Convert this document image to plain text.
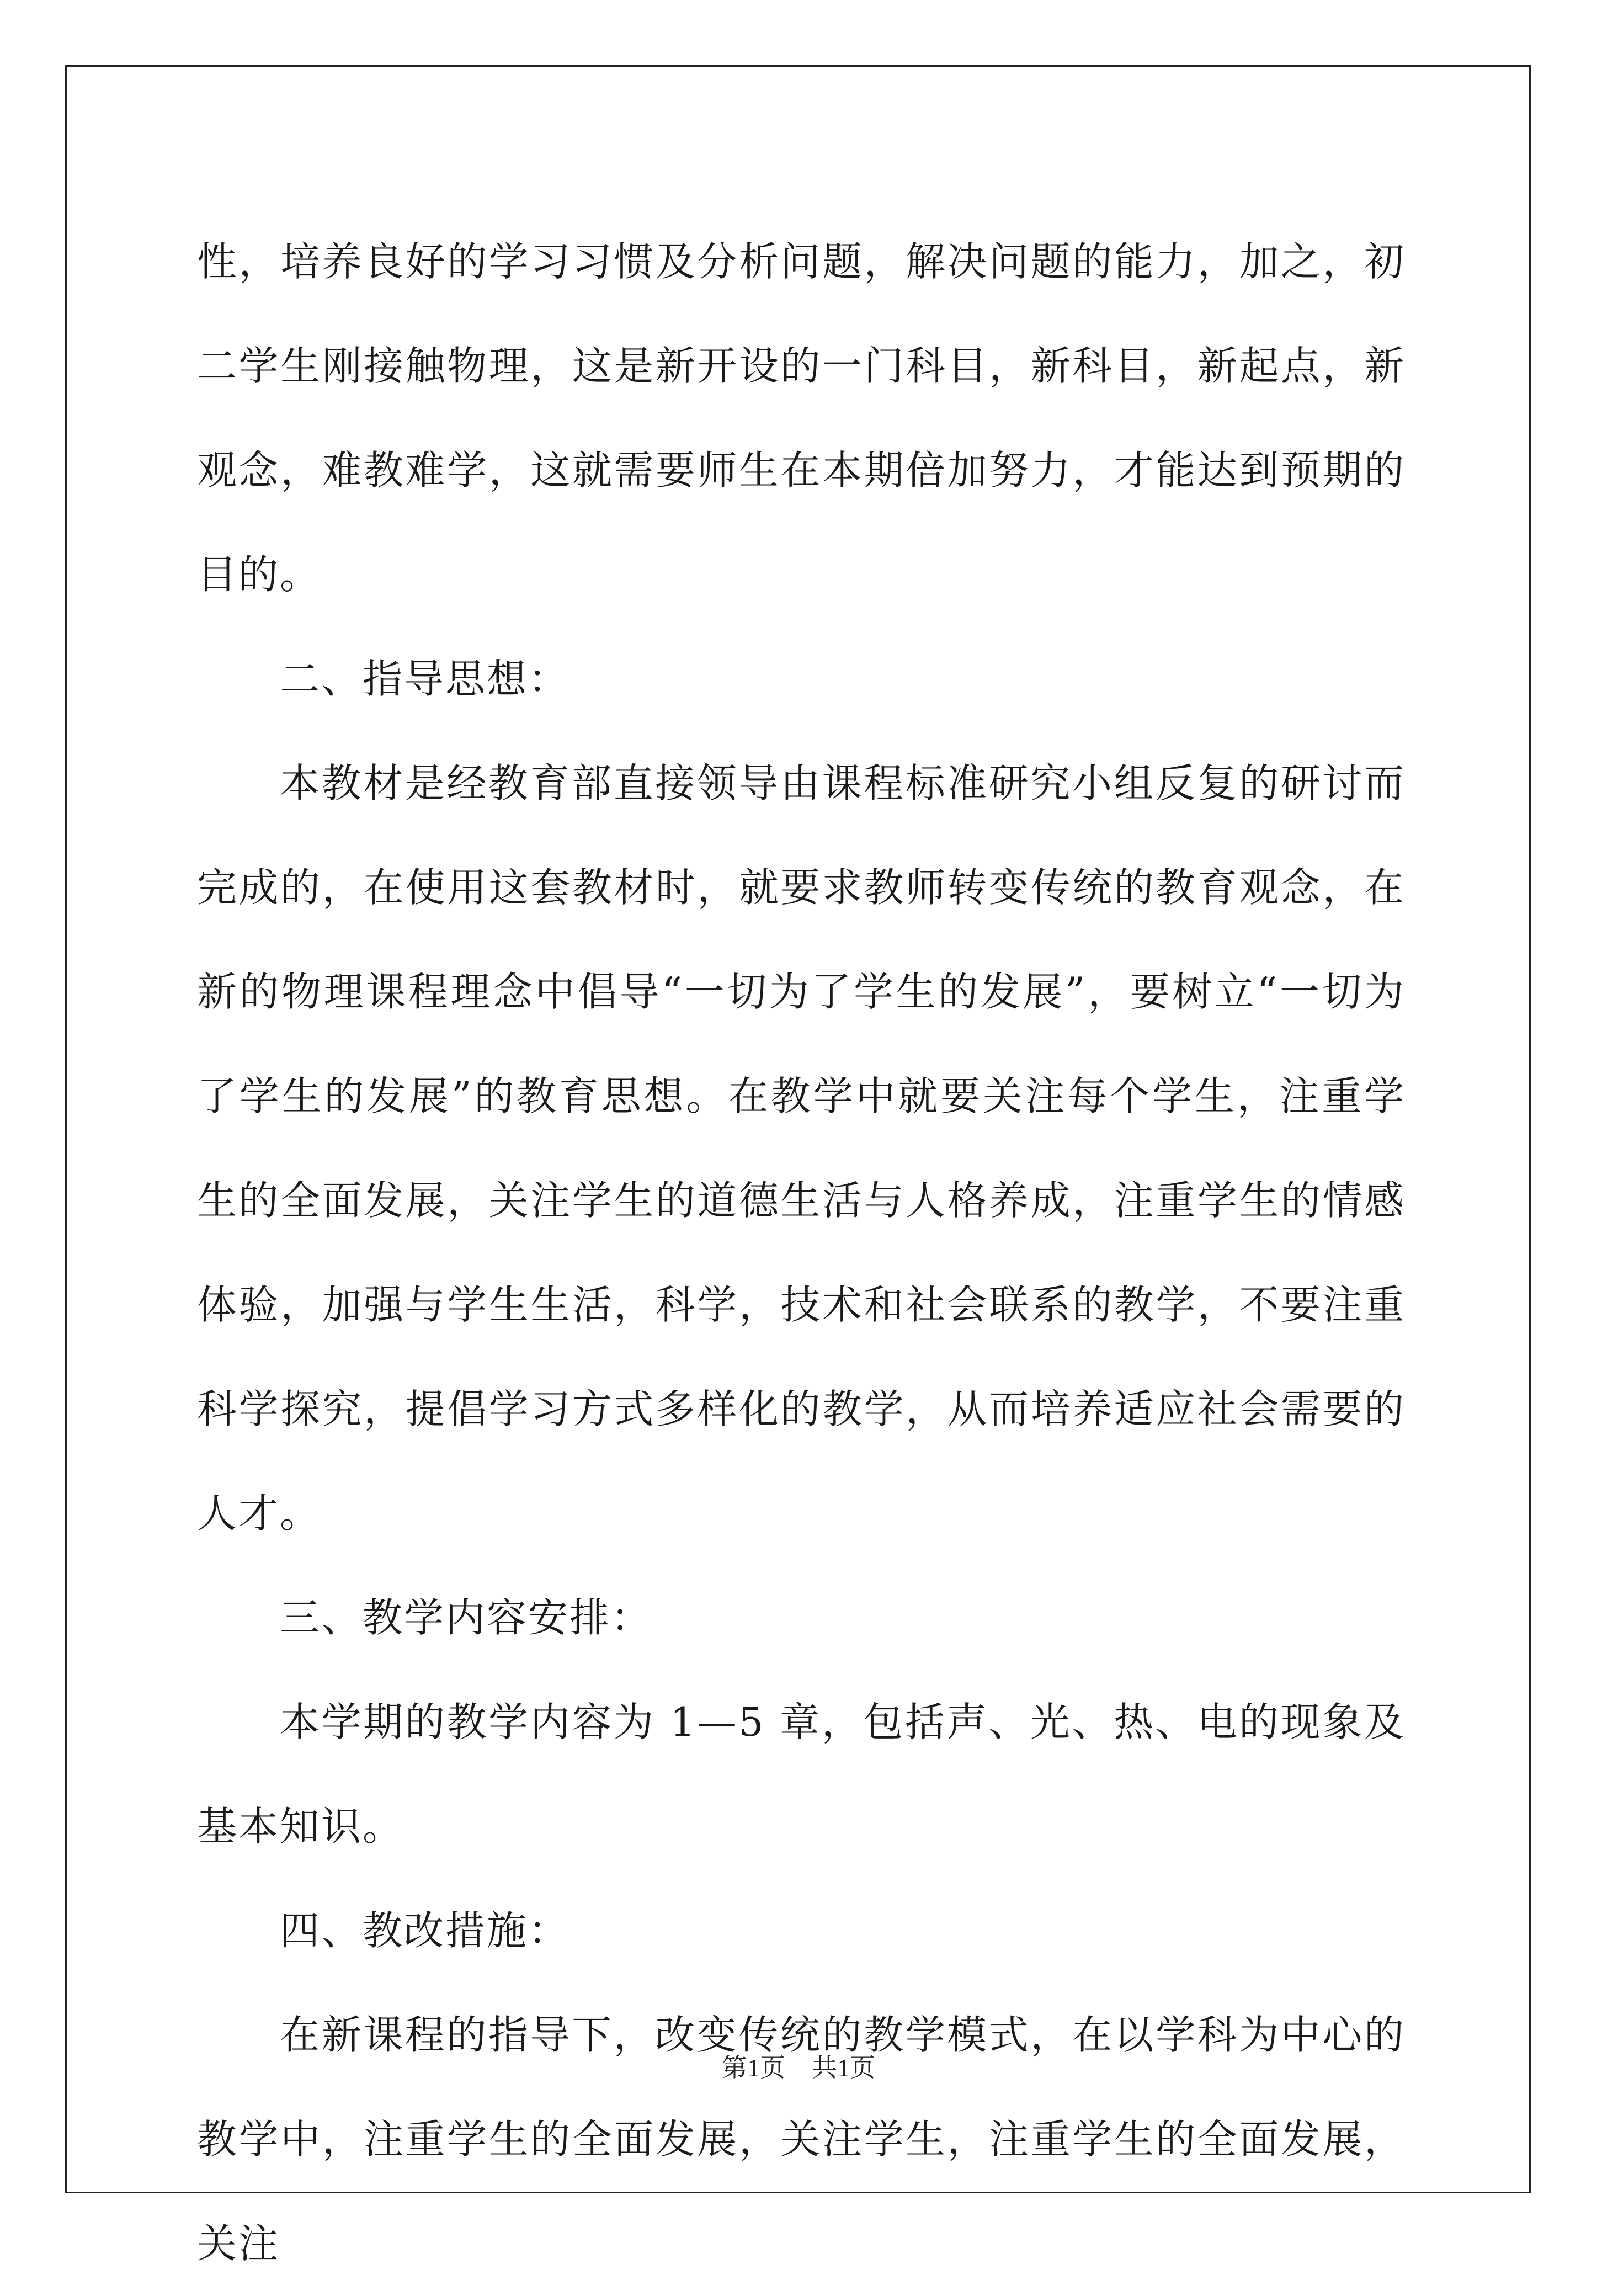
性，培养良好的学习习惯及分析问题，解决问题的能力，加之，初二学生刚接触物理，这是新开设的一门科目，新科目，新起点，新观念，难教难学，这就需要师生在本期倍加努力，才能达到预期的目的。

二、指导思想：

本教材是经教育部直接领导由课程标准研究小组反复的研讨而完成的，在使用这套教材时，就要求教师转变传统的教育观念，在新的物理课程理念中倡导“一切为了学生的发展”，要树立“一切为了学生的发展”的教育思想。在教学中就要关注每个学生，注重学生的全面发展，关注学生的道德生活与人格养成，注重学生的情感体验，加强与学生生活，科学，技术和社会联系的教学，不要注重科学探究，提倡学习方式多样化的教学，从而培养适应社会需要的人才。

三、教学内容安排：

本学期的教学内容为 1—5 章，包括声、光、热、电的现象及基本知识。

四、教改措施：

在新课程的指导下，改变传统的教学模式，在以学科为中心的教学中，注重学生的全面发展，关注学生，注重学生的全面发展，关注

第1页 共1页
